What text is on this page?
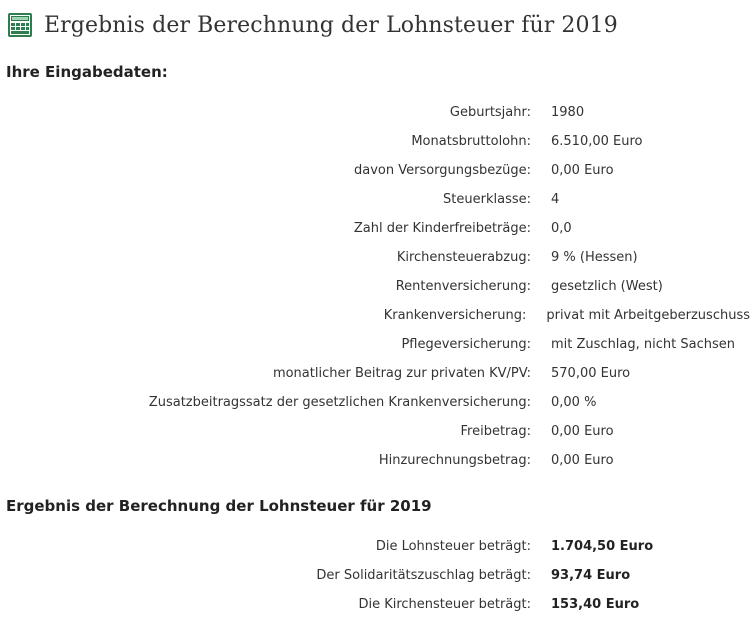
Ergebnis der Berechnung der Lohnsteuer für 2019
Ihre Eingabedaten:
Geburtsjahr: 1980
Monatsbruttolohn: 6.510,00 Euro
davon Versorgungsbezüge: 0,00 Euro
Steuerklasse: 4
Zahl der Kinderfreibeträge: 0,0
Kirchensteuerabzug: 9 % (Hessen)
Rentenversicherung: gesetzlich (West)
Krankenversicherung: privat mit Arbeitgeberzuschuss
Pflegeversicherung: mit Zuschlag, nicht Sachsen
monatlicher Beitrag zur privaten KV/PV: 570,00 Euro
Zusatzbeitragssatz der gesetzlichen Krankenversicherung: 0,00 %
Freibetrag: 0,00 Euro
Hinzurechnungsbetrag: 0,00 Euro
Ergebnis der Berechnung der Lohnsteuer für 2019
Die Lohnsteuer beträgt: 1.704,50 Euro
Der Solidaritätszuschlag beträgt: 93,74 Euro
Die Kirchensteuer beträgt: 153,40 Euro
